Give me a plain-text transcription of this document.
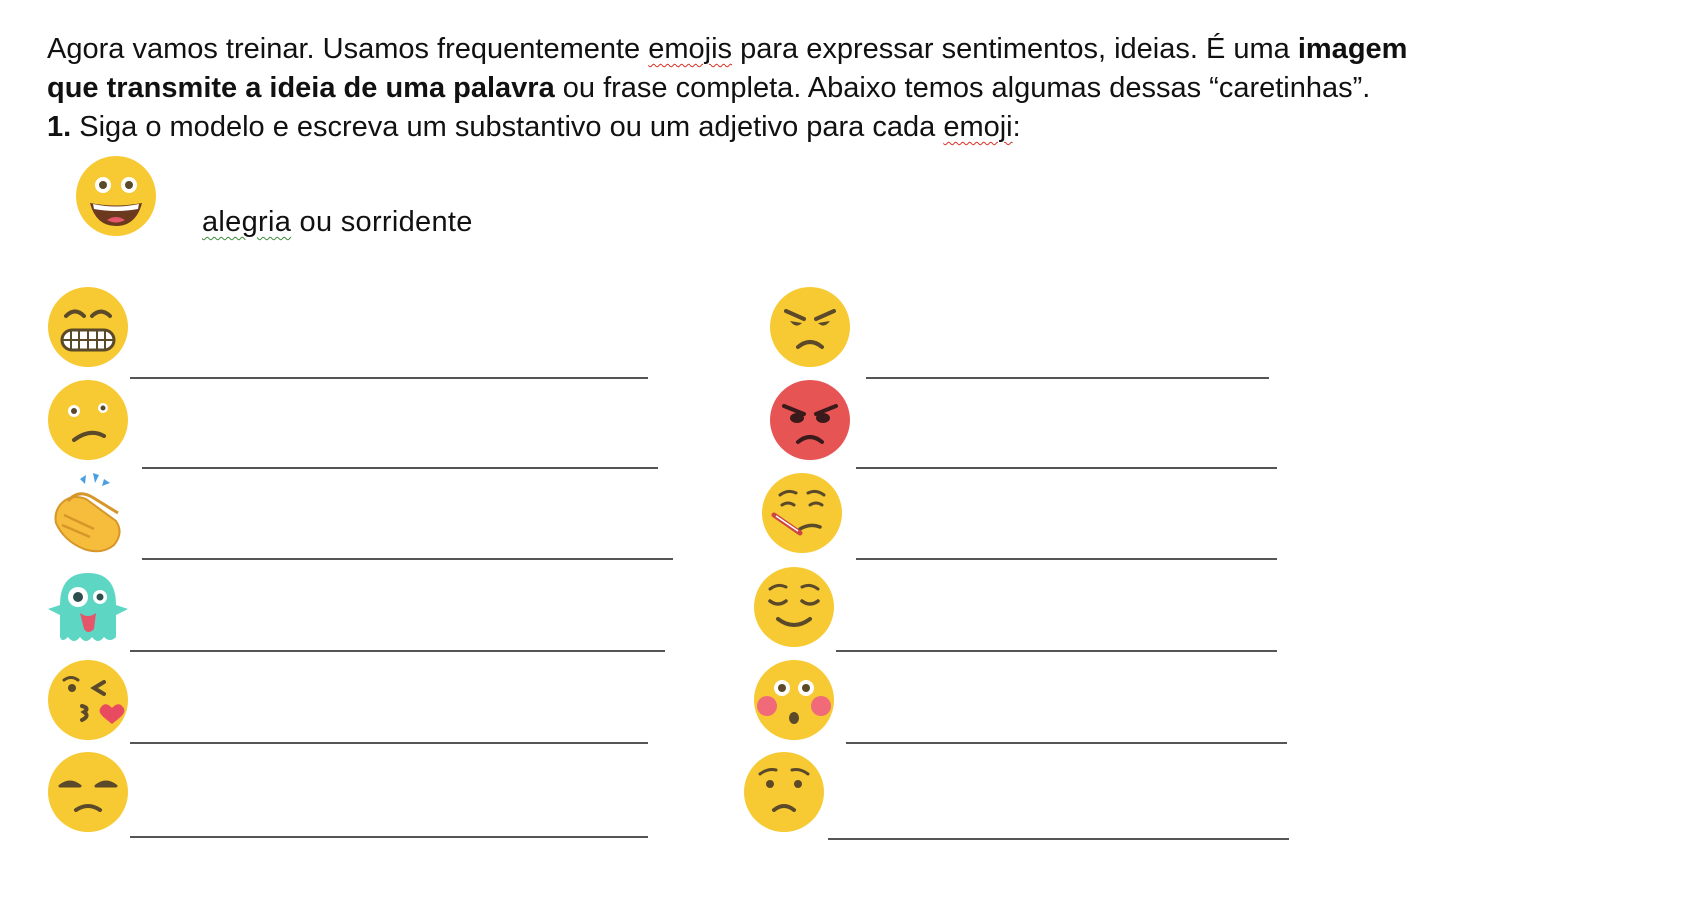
Agora vamos treinar. Usamos frequentemente emojis para expressar sentimentos, ideias. É uma imagem

que transmite a ideia de uma palavra ou frase completa. Abaixo temos algumas dessas “caretinhas”.

1. Siga o modelo e escreva um substantivo ou um adjetivo para cada emoji:

alegria ou sorridente
